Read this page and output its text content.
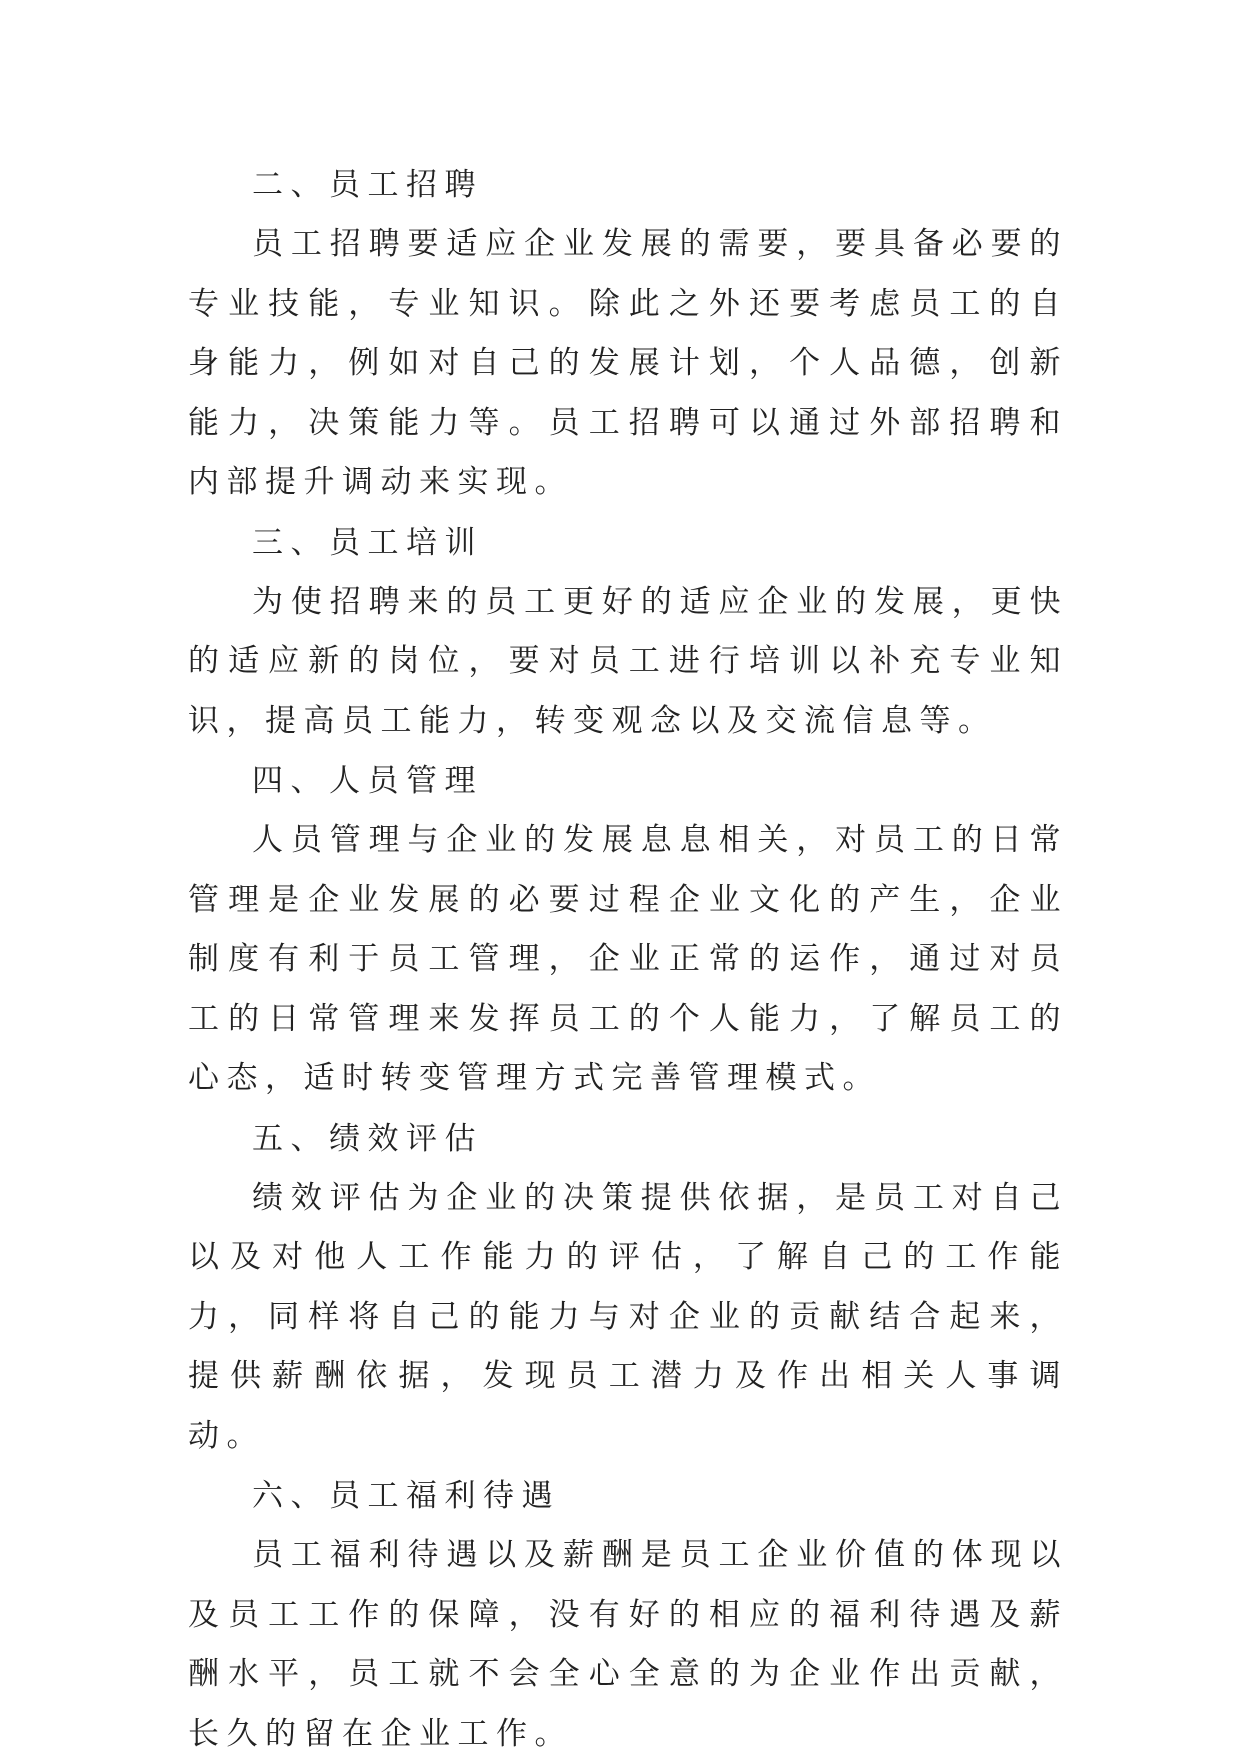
二、员工招聘

员工招聘要适应企业发展的需要，要具备必要的专业技能，专业知识。除此之外还要考虑员工的自身能力，例如对自己的发展计划，个人品德，创新能力，决策能力等。员工招聘可以通过外部招聘和内部提升调动来实现。

三、员工培训

为使招聘来的员工更好的适应企业的发展，更快的适应新的岗位，要对员工进行培训以补充专业知识，提高员工能力，转变观念以及交流信息等。

四、人员管理

人员管理与企业的发展息息相关，对员工的日常管理是企业发展的必要过程企业文化的产生，企业制度有利于员工管理，企业正常的运作，通过对员工的日常管理来发挥员工的个人能力，了解员工的心态，适时转变管理方式完善管理模式。

五、绩效评估

绩效评估为企业的决策提供依据，是员工对自己以及对他人工作能力的评估，了解自己的工作能力，同样将自己的能力与对企业的贡献结合起来，提供薪酬依据，发现员工潜力及作出相关人事调动。

六、员工福利待遇

员工福利待遇以及薪酬是员工企业价值的体现以及员工工作的保障，没有好的相应的福利待遇及薪酬水平，员工就不会全心全意的为企业作出贡献，长久的留在企业工作。
